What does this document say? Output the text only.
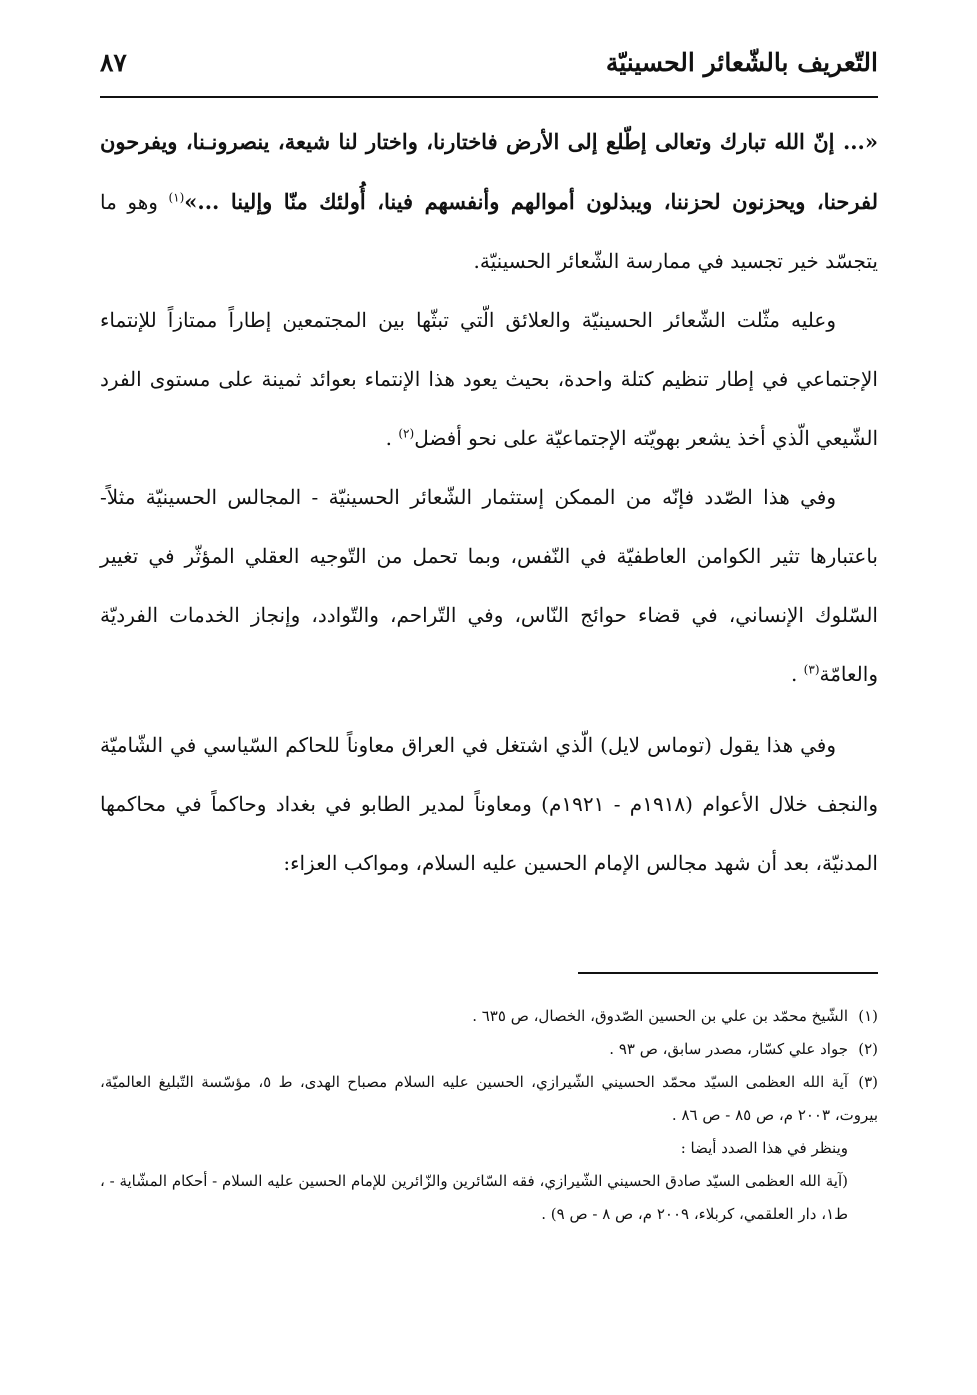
التّعريف بالشّعائر الحسينيّة
٨٧

«... إنّ الله تبارك وتعالى إطّلع إلى الأرض فاختارنا، واختار لنا شيعة، ينصرونـنا، ويفرحون لفرحنا، ويحزنون لحزننا، ويبذلون أموالهم وأنفسهم فينا، أُولئك منّا وإلينا ...»$^{(١)}$ وهو ما يتجسّد خير تجسيد في ممارسة الشّعائر الحسينيّة.

وعليه مثّلت الشّعائر الحسينيّة والعلائق الّتي تبثّها بين المجتمعين إطاراً ممتازاً للإنتماء الإجتماعي في إطار تنظيم كتلة واحدة، بحيث يعود هذا الإنتماء بعوائد ثمينة على مستوى الفرد الشّيعي الّذي أخذ يشعر بهويّته الإجتماعيّة على نحو أفضل$^{(٢)}$ .

وفي هذا الصّدد فإنّه من الممكن إستثمار الشّعائر الحسينيّة - المجالس الحسينيّة مثلاً- باعتبارها تثير الكوامن العاطفيّة في النّفس، وبما تحمل من التّوجيه العقلي المؤثّر في تغيير السّلوك الإنساني، في قضاء حوائج النّاس، وفي التّراحم، والتّوادد، وإنجاز الخدمات الفرديّة والعامّة$^{(٣)}$ .

وفي هذا يقول (توماس لايل) الّذي اشتغل في العراق معاوناً للحاكم السّياسي في الشّاميّة والنجف خلال الأعوام (١٩١٨م - ١٩٢١م) ومعاوناً لمدير الطابو في بغداد وحاكماً في محاكمها المدنيّة، بعد أن شهد مجالس الإمام الحسين عليه السلام، ومواكب العزاء:

(١)الشّيخ محمّد بن علي بن الحسين الصّدوق، الخصال، ص ٦٣٥ .

(٢)جواد علي كسّار، مصدر سابق، ص ٩٣ .

(٣)آية الله العظمى السيّد محمّد الحسيني الشّيرازي، الحسين عليه السلام مصباح الهدى، ط ٥، مؤسّسة التّبليغ العالميّة، بيروت، ٢٠٠٣ م، ص ٨٥ - ص ٨٦ .

وينظر في هذا الصدد أيضا :

(آية الله العظمى السيّد صادق الحسيني الشّيرازي، فقه السّائرين والزّائرين للإمام الحسين عليه السلام - أحكام المشّاية - ، ط١، دار العلقمي، كربلاء، ٢٠٠٩ م، ص ٨ - ص ٩) .
